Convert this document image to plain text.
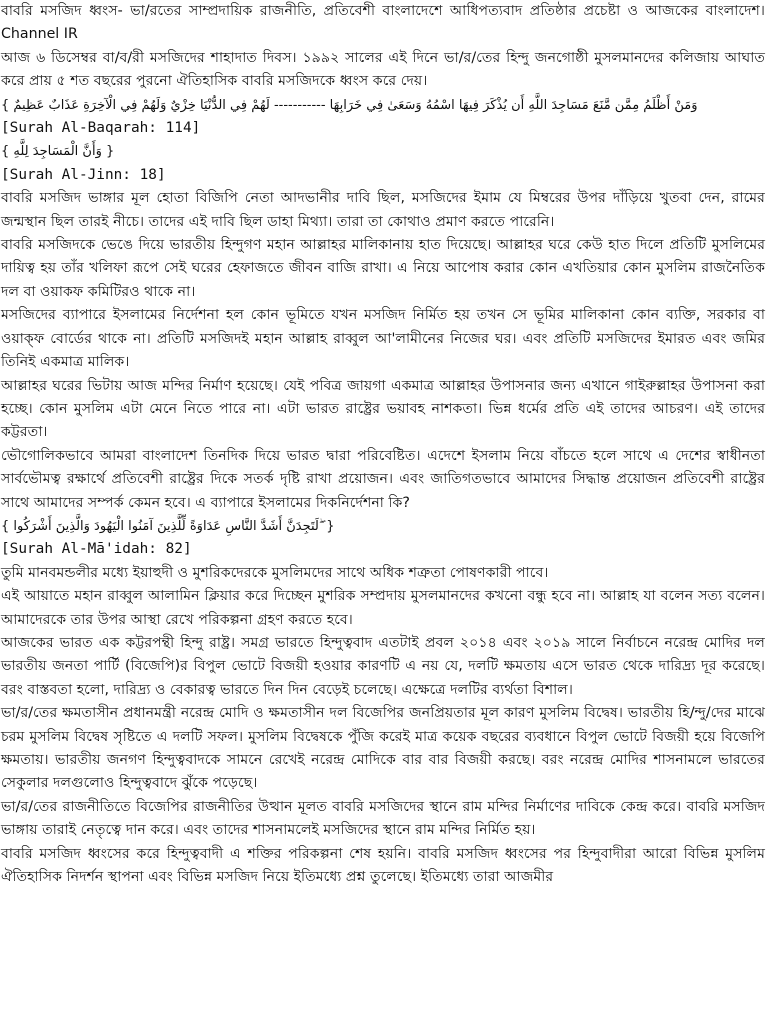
বাবরি মসজিদ ধ্বংস- ভা/রতের সাম্প্রদায়িক রাজনীতি, প্রতিবেশী বাংলাদেশে আধিপত্যবাদ প্রতিষ্ঠার প্রচেষ্টা ও আজকের বাংলাদেশ। Channel IR

আজ ৬ ডিসেম্বর বা/ব/রী মসজিদের শাহাদাত দিবস। ১৯৯২ সালের এই দিনে ভা/র/তের হিন্দু জনগোষ্ঠী মুসলমানদের কলিজায় আঘাত করে প্রায় ৫ শত বছরের পুরনো ঐতিহাসিক বাবরি মসজিদকে ধ্বংস করে দেয়।

{ وَمَنْ أَظْلَمُ مِمَّن مَّنَعَ مَسَاجِدَ اللَّهِ أَن يُذْكَرَ فِيهَا اسْمُهُ وَسَعَىٰ فِي خَرَابِهَا ----------- لَهُمْ فِي الدُّنْيَا خِزْيٌ وَلَهُمْ فِي الْآخِرَةِ عَذَابٌ عَظِيمٌ

[Surah Al-Baqarah: 114]

{ وَأَنَّ الْمَسَاجِدَ لِلَّهِ }

[Surah Al-Jinn: 18]

বাবরি মসজিদ ভাঙ্গার মূল হোতা বিজিপি নেতা আদভানীর দাবি ছিল, মসজিদের ইমাম যে মিম্বরের উপর দাঁড়িয়ে খুতবা দেন, রামের জন্মস্থান ছিল তারই নীচে। তাদের এই দাবি ছিল ডাহা মিথ্যা। তারা তা কোথাও প্রমাণ করতে পারেনি।

বাবরি মসজিদকে ভেঙে দিয়ে ভারতীয় হিন্দুগণ মহান আল্লাহর মালিকানায় হাত দিয়েছে। আল্লাহর ঘরে কেউ হাত দিলে প্রতিটি মুসলিমের দায়িত্ব হয় তাঁর খলিফা রূপে সেই ঘরের হেফাজতে জীবন বাজি রাখা। এ নিয়ে আপোষ করার কোন এখতিয়ার কোন মুসলিম রাজনৈতিক দল বা ওয়াকফ কমিটিরও থাকে না।

মসজিদের ব্যাপারে ইসলামের নির্দেশনা হল কোন ভূমিতে যখন মসজিদ নির্মিত হয় তখন সে ভূমির মালিকানা কোন ব্যক্তি, সরকার বা ওয়াক্ফ বোর্ডের থাকে না। প্রতিটি মসজিদই মহান আল্লাহ রাব্বুল আ'লামীনের নিজের ঘর। এবং প্রতিটি মসজিদের ইমারত এবং জমির তিনিই একমাত্র মালিক।

আল্লাহর ঘরের ভিটায় আজ মন্দির নির্মাণ হয়েছে। যেই পবিত্র জায়গা একমাত্র আল্লাহর উপাসনার জন্য এখানে গাইরুল্লাহর উপাসনা করা হচ্ছে। কোন মুসলিম এটা মেনে নিতে পারে না। এটা ভারত রাষ্ট্রের ভয়াবহ নাশকতা। ভিন্ন ধর্মের প্রতি এই তাদের আচরণ। এই তাদের কট্টরতা।

ভৌগোলিকভাবে আমরা বাংলাদেশ তিনদিক দিয়ে ভারত দ্বারা পরিবেষ্টিত। এদেশে ইসলাম নিয়ে বাঁচতে হলে সাথে এ দেশের স্বাধীনতা সার্বভৌমত্ব রক্ষার্থে প্রতিবেশী রাষ্ট্রের দিকে সতর্ক দৃষ্টি রাখা প্রয়োজন। এবং জাতিগতভাবে আমাদের সিদ্ধান্ত প্রয়োজন প্রতিবেশী রাষ্ট্রের সাথে আমাদের সম্পর্ক কেমন হবে। এ ব্যাপারে ইসলামের দিকনির্দেশনা কি?

{ لَتَجِدَنَّ أَشَدَّ النَّاسِ عَدَاوَةً لِّلَّذِينَ آمَنُوا الْيَهُودَ وَالَّذِينَ أَشْرَكُوا ۖ }

[Surah Al-Mā'idah: 82]

তুমি মানবমন্ডলীর মধ্যে ইয়াহুদী ও মুশরিকদেরকে মুসলিমদের সাথে অধিক শত্রুতা পোষণকারী পাবে।

এই আয়াতে মহান রাব্বুল আলামিন ক্লিয়ার করে দিচ্ছেন মুশরিক সম্প্রদায় মুসলমানদের কখনো বন্ধু হবে না। আল্লাহ যা বলেন সত্য বলেন। আমাদেরকে তার উপর আস্থা রেখে পরিকল্পনা গ্রহণ করতে হবে।

আজকের ভারত এক কট্টরপন্থী হিন্দু রাষ্ট্র। সমগ্র ভারতে হিন্দুত্ববাদ এতটাই প্রবল ২০১৪ এবং ২০১৯ সালে নির্বাচনে নরেন্দ্র মোদির দল ভারতীয় জনতা পার্টি (বিজেপি)র বিপুল ভোটে বিজয়ী হওয়ার কারণটি এ নয় যে, দলটি ক্ষমতায় এসে ভারত থেকে দারিদ্র্য দূর করেছে। বরং বাস্তবতা হলো, দারিদ্র্য ও বেকারত্ব ভারতে দিন দিন বেড়েই চলেছে। এক্ষেত্রে দলটির ব্যর্থতা বিশাল।

ভা/র/তের ক্ষমতাসীন প্রধানমন্ত্রী নরেন্দ্র মোদি ও ক্ষমতাসীন দল বিজেপির জনপ্রিয়তার মূল কারণ মুসলিম বিদ্বেষ। ভারতীয় হি/ন্দু/দের মাঝে চরম মুসলিম বিদ্বেষ সৃষ্টিতে এ দলটি সফল। মুসলিম বিদ্বেষকে পুঁজি করেই মাত্র কয়েক বছরের ব্যবধানে বিপুল ভোটে বিজয়ী হয়ে বিজেপি ক্ষমতায়। ভারতীয় জনগণ হিন্দুত্ববাদকে সামনে রেখেই নরেন্দ্র মোদিকে বার বার বিজয়ী করছে। বরং নরেন্দ্র মোদির শাসনামলে ভারতের সেকুলার দলগুলোও হিন্দুত্ববাদে ঝুঁকে পড়েছে।

ভা/র/তের রাজনীতিতে বিজেপির রাজনীতির উত্থান মূলত বাবরি মসজিদের স্থানে রাম মন্দির নির্মাণের দাবিকে কেন্দ্র করে। বাবরি মসজিদ ভাঙ্গায় তারাই নেতৃত্বে দান করে। এবং তাদের শাসনামলেই মসজিদের স্থানে রাম মন্দির নির্মিত হয়।

বাবরি মসজিদ ধ্বংসের করে হিন্দুত্ববাদী এ শক্তির পরিকল্পনা শেষ হয়নি। বাবরি মসজিদ ধ্বংসের পর হিন্দুবাদীরা আরো বিভিন্ন মুসলিম ঐতিহাসিক নিদর্শন স্থাপনা এবং বিভিন্ন মসজিদ নিয়ে ইতিমধ্যে প্রশ্ন তুলেছে। ইতিমধ্যে তারা আজমীর
